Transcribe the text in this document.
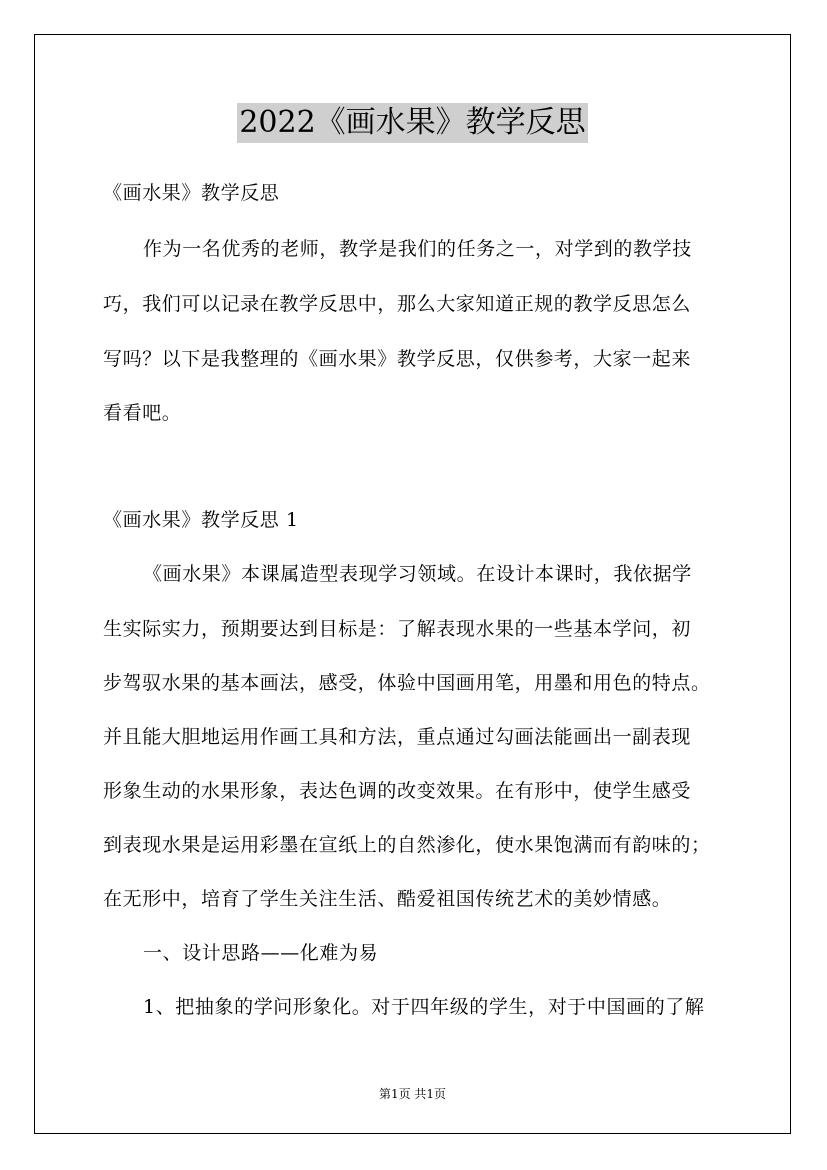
2022《画水果》教学反思
《画水果》教学反思
作为一名优秀的老师，教学是我们的任务之一，对学到的教学技
巧，我们可以记录在教学反思中，那么大家知道正规的教学反思怎么
写吗？以下是我整理的《画水果》教学反思，仅供参考，大家一起来
看看吧。
《画水果》教学反思 1
《画水果》本课属造型表现学习领域。在设计本课时，我依据学
生实际实力，预期要达到目标是：了解表现水果的一些基本学问，初
步驾驭水果的基本画法，感受，体验中国画用笔，用墨和用色的特点。
并且能大胆地运用作画工具和方法，重点通过勾画法能画出一副表现
形象生动的水果形象，表达色调的改变效果。在有形中，使学生感受
到表现水果是运用彩墨在宣纸上的自然渗化，使水果饱满而有韵味的；
在无形中，培育了学生关注生活、酷爱祖国传统艺术的美妙情感。
一、设计思路——化难为易
1、把抽象的学问形象化。对于四年级的学生，对于中国画的了解
第1页 共1页
